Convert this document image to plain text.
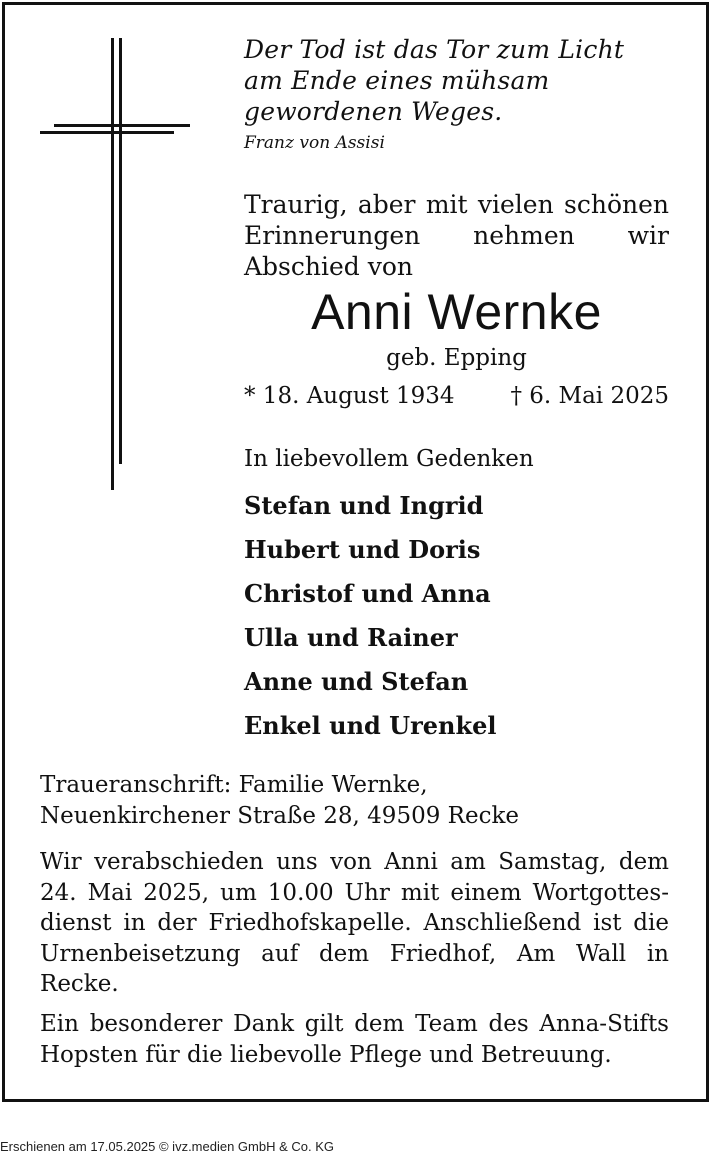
Der Tod ist das Tor zum Licht
am Ende eines mühsam
gewordenen Weges.
Franz von Assisi
Traurig, aber mit vielen schönen Erinnerungen nehmen wir Abschied von
Anni Wernke
geb. Epping
* 18. August 1934 † 6. Mai 2025
In liebevollem Gedenken
Stefan und Ingrid
Hubert und Doris
Christof und Anna
Ulla und Rainer
Anne und Stefan
Enkel und Urenkel
Traueranschrift: Familie Wernke,
Neuenkirchener Straße 28, 49509 Recke
Wir verabschieden uns von Anni am Samstag, dem 24. Mai 2025, um 10.00 Uhr mit einem Wortgottesdienst in der Friedhofskapelle. Anschließend ist die Urnenbeisetzung auf dem Friedhof, Am Wall in Recke.
Ein besonderer Dank gilt dem Team des Anna-Stifts Hopsten für die liebevolle Pflege und Betreuung.
Erschienen am 17.05.2025 © ivz.medien GmbH & Co. KG
